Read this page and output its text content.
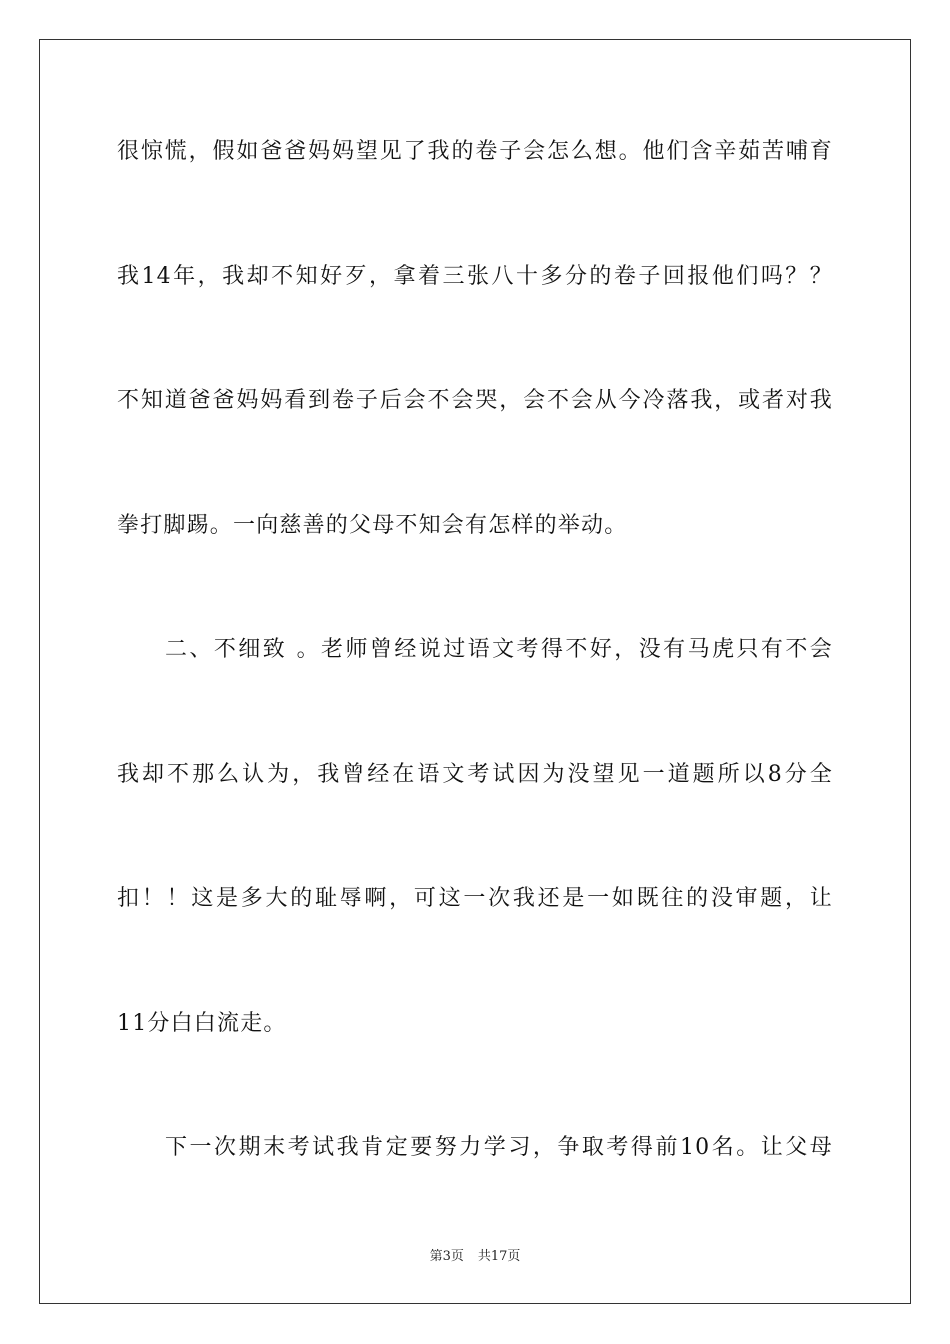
很惊慌，假如爸爸妈妈望见了我的卷子会怎么想。他们含辛茹苦哺育
我14年，我却不知好歹，拿着三张八十多分的卷子回报他们吗？？
不知道爸爸妈妈看到卷子后会不会哭，会不会从今冷落我，或者对我
拳打脚踢。一向慈善的父母不知会有怎样的举动。
二、不细致 。老师曾经说过语文考得不好，没有马虎只有不会
我却不那么认为，我曾经在语文考试因为没望见一道题所以8分全
扣！！这是多大的耻辱啊，可这一次我还是一如既往的没审题，让
11分白白流走。
下一次期末考试我肯定要努力学习，争取考得前10名。让父母
第3页 共17页
